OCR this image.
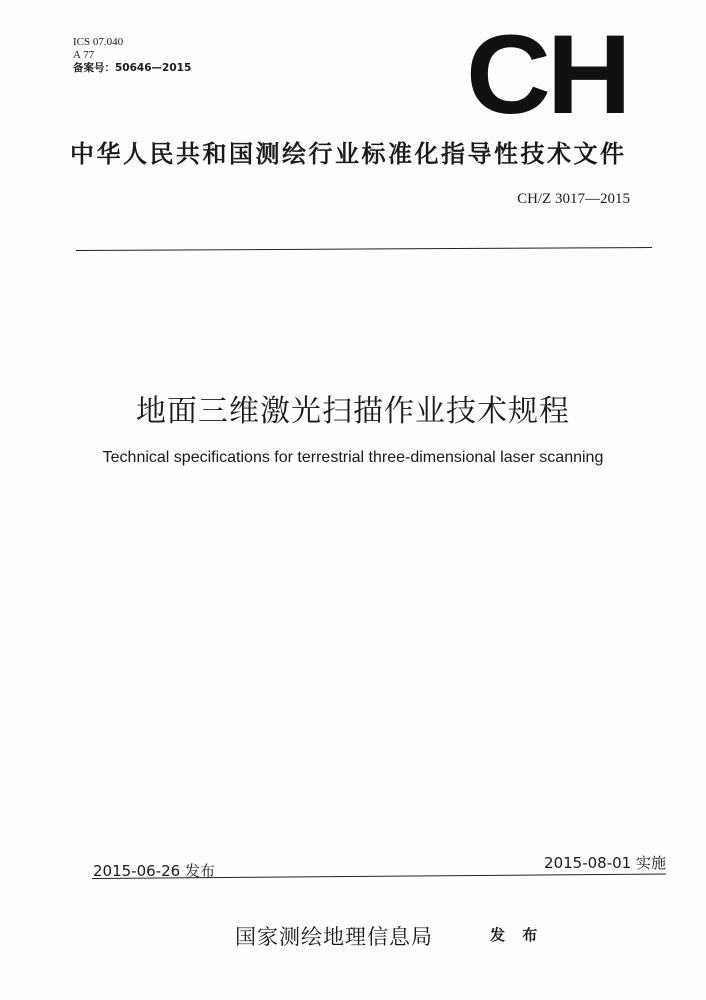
ICS 07.040
A 77
备案号：50646—2015 CH
中华人民共和国测绘行业标准化指导性技术文件
CH/Z 3017—2015
地面三维激光扫描作业技术规程
Technical specifications for terrestrial three-dimensional laser scanning
2015-06-26 发布	2015-08-01 实施
国家测绘地理信息局	发 布
